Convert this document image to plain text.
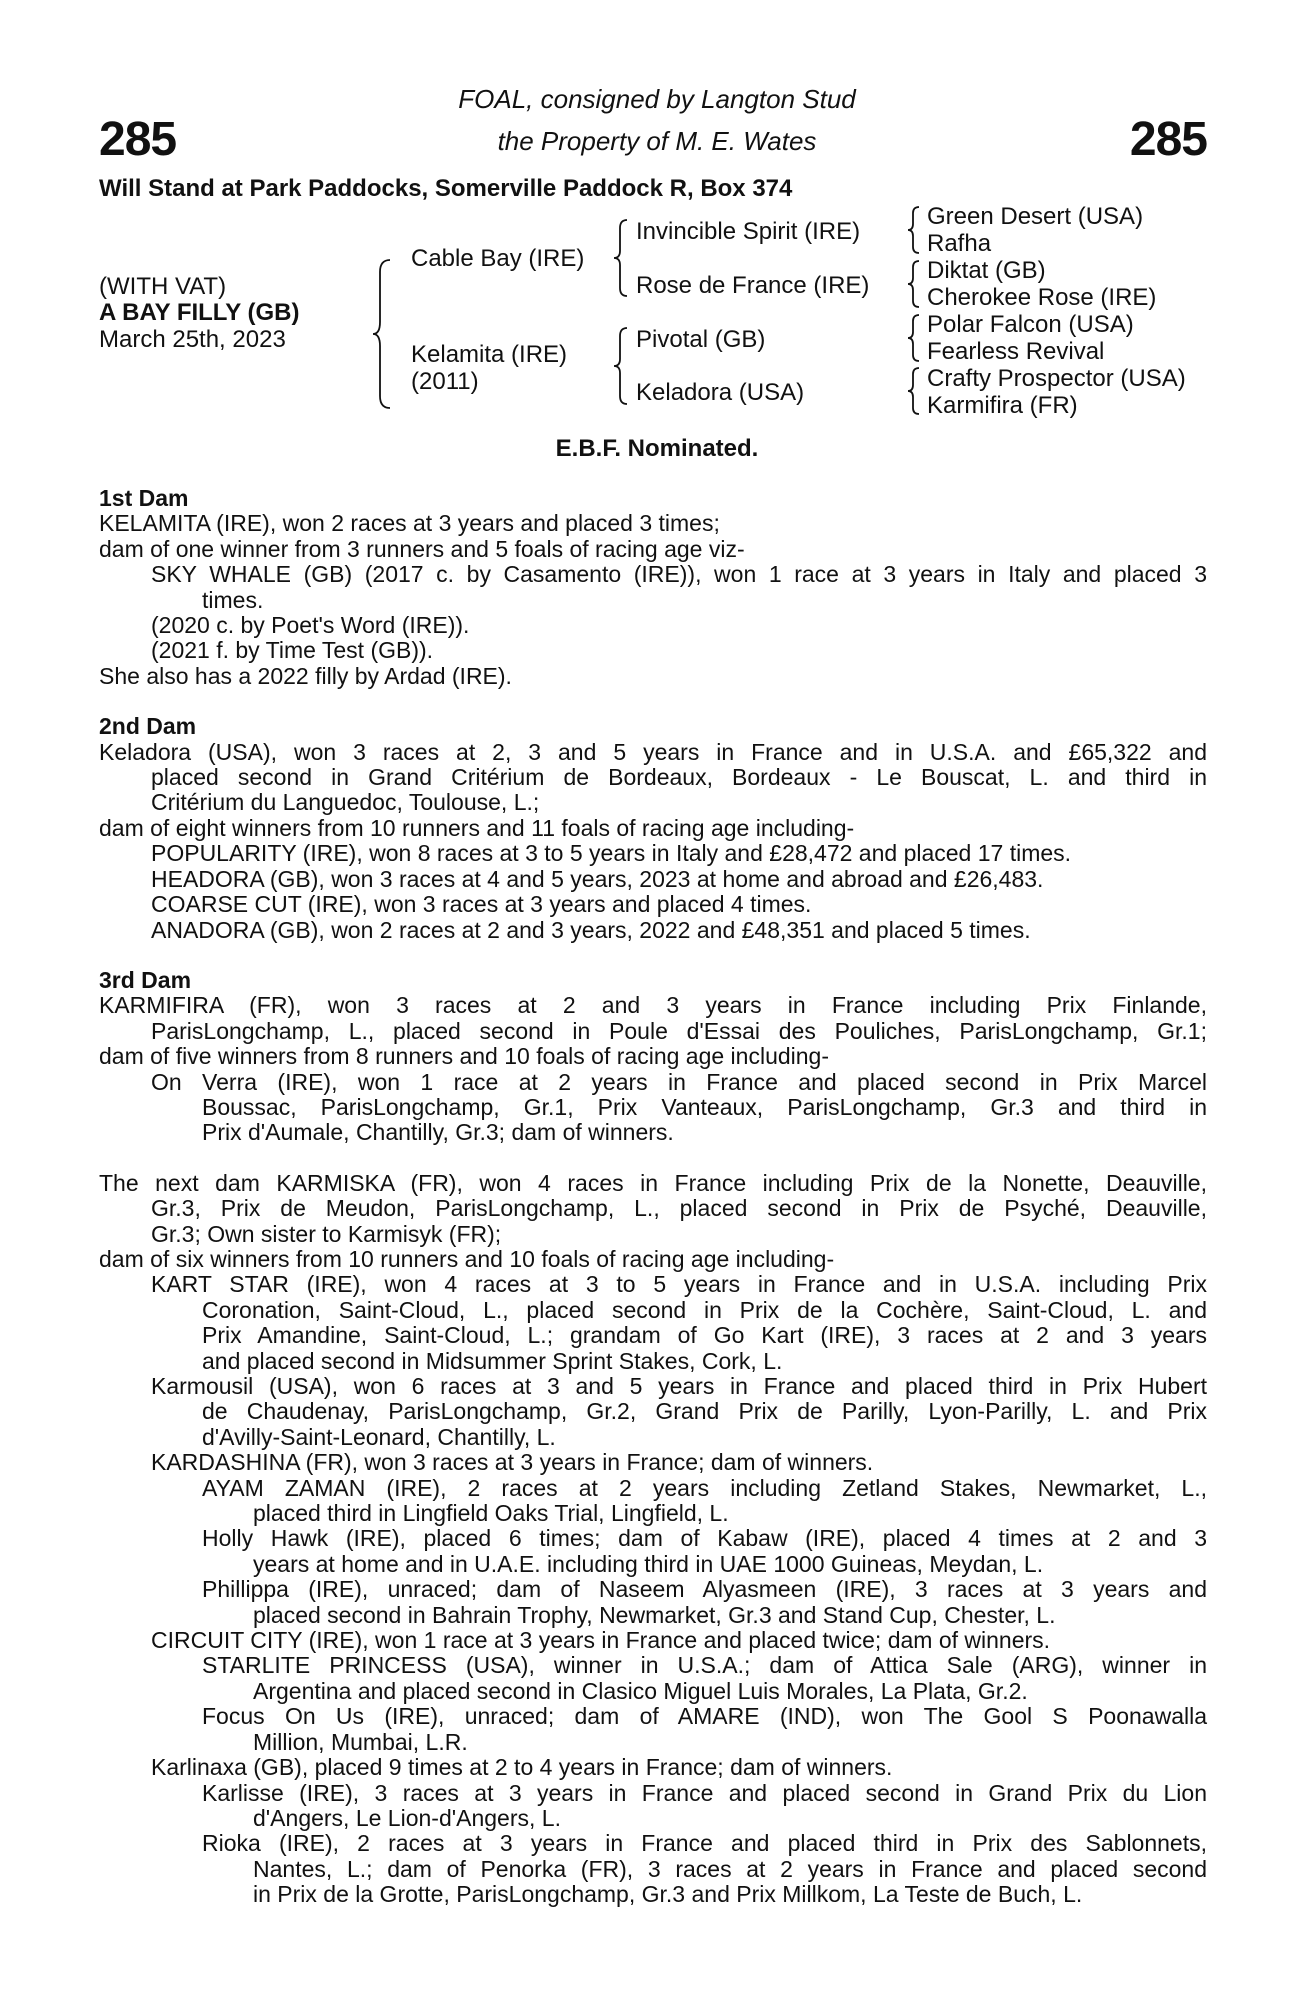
285	285
FOAL, consigned by Langton Stud
the Property of M. E. Wates
Will Stand at Park Paddocks, Somerville Paddock R, Box 374
(WITH VAT)
A BAY FILLY (GB)
March 25th, 2023
Cable Bay (IRE)
Kelamita (IRE)
(2011)
Invincible Spirit (IRE)
Rose de France (IRE)
Pivotal (GB)
Keladora (USA)
Green Desert (USA)
Rafha
Diktat (GB)
Cherokee Rose (IRE)
Polar Falcon (USA)
Fearless Revival
Crafty Prospector (USA)
Karmifira (FR)
E.B.F. Nominated.
1st Dam
KELAMITA (IRE), won 2 races at 3 years and placed 3 times;
dam of one winner from 3 runners and 5 foals of racing age viz-
SKY WHALE (GB) (2017 c. by Casamento (IRE)), won 1 race at 3 years in Italy and placed 3
times.
(2020 c. by Poet's Word (IRE)).
(2021 f. by Time Test (GB)).
She also has a 2022 filly by Ardad (IRE).
2nd Dam
Keladora (USA), won 3 races at 2, 3 and 5 years in France and in U.S.A. and £65,322 and
placed second in Grand Critérium de Bordeaux, Bordeaux - Le Bouscat, L. and third in
Critérium du Languedoc, Toulouse, L.;
dam of eight winners from 10 runners and 11 foals of racing age including-
POPULARITY (IRE), won 8 races at 3 to 5 years in Italy and £28,472 and placed 17 times.
HEADORA (GB), won 3 races at 4 and 5 years, 2023 at home and abroad and £26,483.
COARSE CUT (IRE), won 3 races at 3 years and placed 4 times.
ANADORA (GB), won 2 races at 2 and 3 years, 2022 and £48,351 and placed 5 times.
3rd Dam
KARMIFIRA (FR), won 3 races at 2 and 3 years in France including Prix Finlande,
ParisLongchamp, L., placed second in Poule d'Essai des Pouliches, ParisLongchamp, Gr.1;
dam of five winners from 8 runners and 10 foals of racing age including-
On Verra (IRE), won 1 race at 2 years in France and placed second in Prix Marcel
Boussac, ParisLongchamp, Gr.1, Prix Vanteaux, ParisLongchamp, Gr.3 and third in
Prix d'Aumale, Chantilly, Gr.3; dam of winners.
The next dam KARMISKA (FR), won 4 races in France including Prix de la Nonette, Deauville,
Gr.3, Prix de Meudon, ParisLongchamp, L., placed second in Prix de Psyché, Deauville,
Gr.3; Own sister to Karmisyk (FR);
dam of six winners from 10 runners and 10 foals of racing age including-
KART STAR (IRE), won 4 races at 3 to 5 years in France and in U.S.A. including Prix
Coronation, Saint-Cloud, L., placed second in Prix de la Cochère, Saint-Cloud, L. and
Prix Amandine, Saint-Cloud, L.; grandam of Go Kart (IRE), 3 races at 2 and 3 years
and placed second in Midsummer Sprint Stakes, Cork, L.
Karmousil (USA), won 6 races at 3 and 5 years in France and placed third in Prix Hubert
de Chaudenay, ParisLongchamp, Gr.2, Grand Prix de Parilly, Lyon-Parilly, L. and Prix
d'Avilly-Saint-Leonard, Chantilly, L.
KARDASHINA (FR), won 3 races at 3 years in France; dam of winners.
AYAM ZAMAN (IRE), 2 races at 2 years including Zetland Stakes, Newmarket, L.,
placed third in Lingfield Oaks Trial, Lingfield, L.
Holly Hawk (IRE), placed 6 times; dam of Kabaw (IRE), placed 4 times at 2 and 3
years at home and in U.A.E. including third in UAE 1000 Guineas, Meydan, L.
Phillippa (IRE), unraced; dam of Naseem Alyasmeen (IRE), 3 races at 3 years and
placed second in Bahrain Trophy, Newmarket, Gr.3 and Stand Cup, Chester, L.
CIRCUIT CITY (IRE), won 1 race at 3 years in France and placed twice; dam of winners.
STARLITE PRINCESS (USA), winner in U.S.A.; dam of Attica Sale (ARG), winner in
Argentina and placed second in Clasico Miguel Luis Morales, La Plata, Gr.2.
Focus On Us (IRE), unraced; dam of AMARE (IND), won The Gool S Poonawalla
Million, Mumbai, L.R.
Karlinaxa (GB), placed 9 times at 2 to 4 years in France; dam of winners.
Karlisse (IRE), 3 races at 3 years in France and placed second in Grand Prix du Lion
d'Angers, Le Lion-d'Angers, L.
Rioka (IRE), 2 races at 3 years in France and placed third in Prix des Sablonnets,
Nantes, L.; dam of Penorka (FR), 3 races at 2 years in France and placed second
in Prix de la Grotte, ParisLongchamp, Gr.3 and Prix Millkom, La Teste de Buch, L.
